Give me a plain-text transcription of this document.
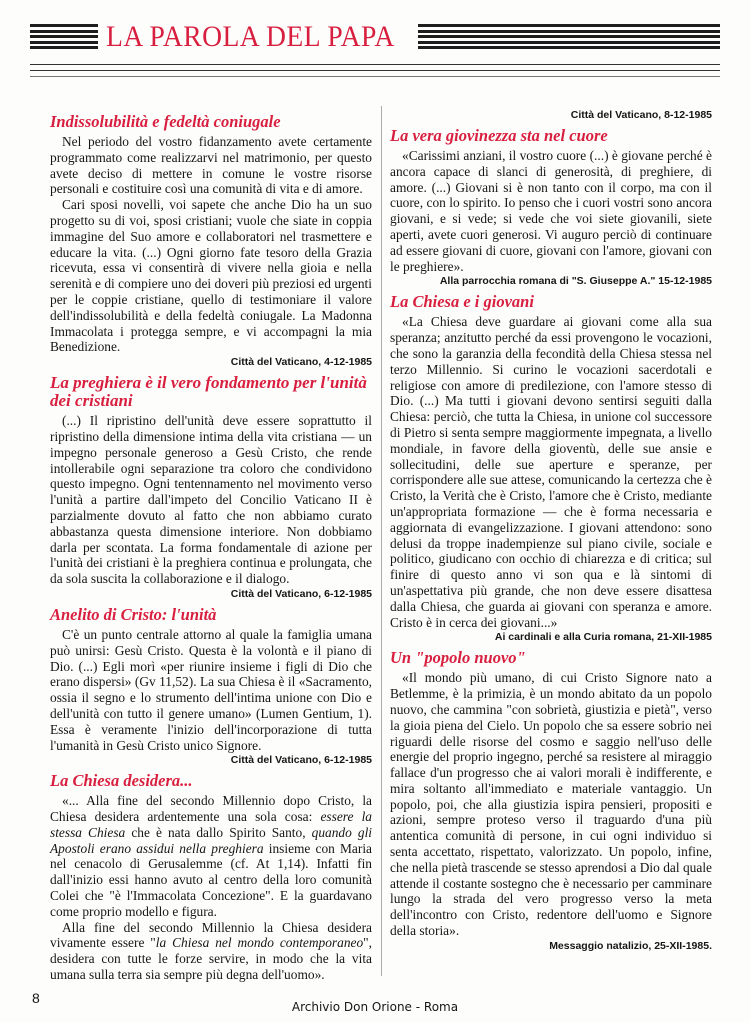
LA PAROLA DEL PAPA
Indissolubilità e fedeltà coniugale

Nel periodo del vostro fidanzamento avete certamente programmato come realizzarvi nel matrimonio, per questo avete deciso di mettere in comune le vostre risorse personali e costituire così una comunità di vita e di amore.

Cari sposi novelli, voi sapete che anche Dio ha un suo progetto su di voi, sposi cristiani; vuole che siate in coppia immagine del Suo amore e collaboratori nel trasmettere e educare la vita. (...) Ogni giorno fate tesoro della Grazia ricevuta, essa vi consentirà di vivere nella gioia e nella serenità e di compiere uno dei doveri più preziosi ed urgenti per le coppie cristiane, quello di testimoniare il valore dell'indissolubilità e della fedeltà coniugale. La Madonna Immacolata i protegga sempre, e vi accompagni la mia Benedizione.

Città del Vaticano, 4-12-1985
La preghiera è il vero fondamento per l'unità dei cristiani

(...) Il ripristino dell'unità deve essere soprattutto il ripristino della dimensione intima della vita cristiana — un impegno personale generoso a Gesù Cristo, che rende intollerabile ogni separazione tra coloro che condividono questo impegno. Ogni tentennamento nel movimento verso l'unità a partire dall'impeto del Concilio Vaticano II è parzialmente dovuto al fatto che non abbiamo curato abbastanza questa dimensione interiore. Non dobbiamo darla per scontata. La forma fondamentale di azione per l'unità dei cristiani è la preghiera continua e prolungata, che da sola suscita la collaborazione e il dialogo.

Città del Vaticano, 6-12-1985
Anelito di Cristo: l'unità

C'è un punto centrale attorno al quale la famiglia umana può unirsi: Gesù Cristo. Questa è la volontà e il piano di Dio. (...) Egli morì «per riunire insieme i figli di Dio che erano dispersi» (Gv 11,52). La sua Chiesa è il «Sacramento, ossia il segno e lo strumento dell'intima unione con Dio e dell'unità con tutto il genere umano» (Lumen Gentium, 1). Essa è veramente l'inizio dell'incorporazione di tutta l'umanità in Gesù Cristo unico Signore.

Città del Vaticano, 6-12-1985
La Chiesa desidera...

«... Alla fine del secondo Millennio dopo Cristo, la Chiesa desidera ardentemente una sola cosa: essere la stessa Chiesa che è nata dallo Spirito Santo, quando gli Apostoli erano assidui nella preghiera insieme con Maria nel cenacolo di Gerusalemme (cf. At 1,14). Infatti fin dall'inizio essi hanno avuto al centro della loro comunità Colei che "è l'Immacolata Concezione". E la guardavano come proprio modello e figura.

Alla fine del secondo Millennio la Chiesa desidera vivamente essere "la Chiesa nel mondo contemporaneo", desidera con tutte le forze servire, in modo che la vita umana sulla terra sia sempre più degna dell'uomo».

Città del Vaticano, 8-12-1985
La vera giovinezza sta nel cuore

«Carissimi anziani, il vostro cuore (...) è giovane perché è ancora capace di slanci di generosità, di preghiere, di amore. (...) Giovani si è non tanto con il corpo, ma con il cuore, con lo spirito. Io penso che i cuori vostri sono ancora giovani, e si vede; si vede che voi siete giovanili, siete aperti, avete cuori generosi. Vi auguro perciò di continuare ad essere giovani di cuore, giovani con l'amore, giovani con le preghiere».

Alla parrocchia romana di "S. Giuseppe A." 15-12-1985
La Chiesa e i giovani

«La Chiesa deve guardare ai giovani come alla sua speranza; anzitutto perché da essi provengono le vocazioni, che sono la garanzia della fecondità della Chiesa stessa nel terzo Millennio. Si curino le vocazioni sacerdotali e religiose con amore di predilezione, con l'amore stesso di Dio. (...) Ma tutti i giovani devono sentirsi seguiti dalla Chiesa: perciò, che tutta la Chiesa, in unione col successore di Pietro si senta sempre maggiormente impegnata, a livello mondiale, in favore della gioventù, delle sue ansie e sollecitudini, delle sue aperture e speranze, per corrispondere alle sue attese, comunicando la certezza che è Cristo, la Verità che è Cristo, l'amore che è Cristo, mediante un'appropriata formazione — che è forma necessaria e aggiornata di evangelizzazione. I giovani attendono: sono delusi da troppe inadempienze sul piano civile, sociale e politico, giudicano con occhio di chiarezza e di critica; sul finire di questo anno vi son qua e là sintomi di un'aspettativa più grande, che non deve essere disattesa dalla Chiesa, che guarda ai giovani con speranza e amore. Cristo è in cerca dei giovani...»

Ai cardinali e alla Curia romana, 21-XII-1985
Un "popolo nuovo"

«Il mondo più umano, di cui Cristo Signore nato a Betlemme, è la primizia, è un mondo abitato da un popolo nuovo, che cammina "con sobrietà, giustizia e pietà", verso la gioia piena del Cielo. Un popolo che sa essere sobrio nei riguardi delle risorse del cosmo e saggio nell'uso delle energie del proprio ingegno, perché sa resistere al miraggio fallace d'un progresso che ai valori morali è indifferente, e mira soltanto all'immediato e materiale vantaggio. Un popolo, poi, che alla giustizia ispira pensieri, propositi e azioni, sempre proteso verso il traguardo d'una più antentica comunità di persone, in cui ogni individuo si senta accettato, rispettato, valorizzato. Un popolo, infine, che nella pietà trascende se stesso aprendosi a Dio dal quale attende il costante sostegno che è necessario per camminare lungo la strada del vero progresso verso la meta dell'incontro con Cristo, redentore dell'uomo e Signore della storia».

Messaggio natalizio, 25-XII-1985.
8
Archivio Don Orione - Roma
